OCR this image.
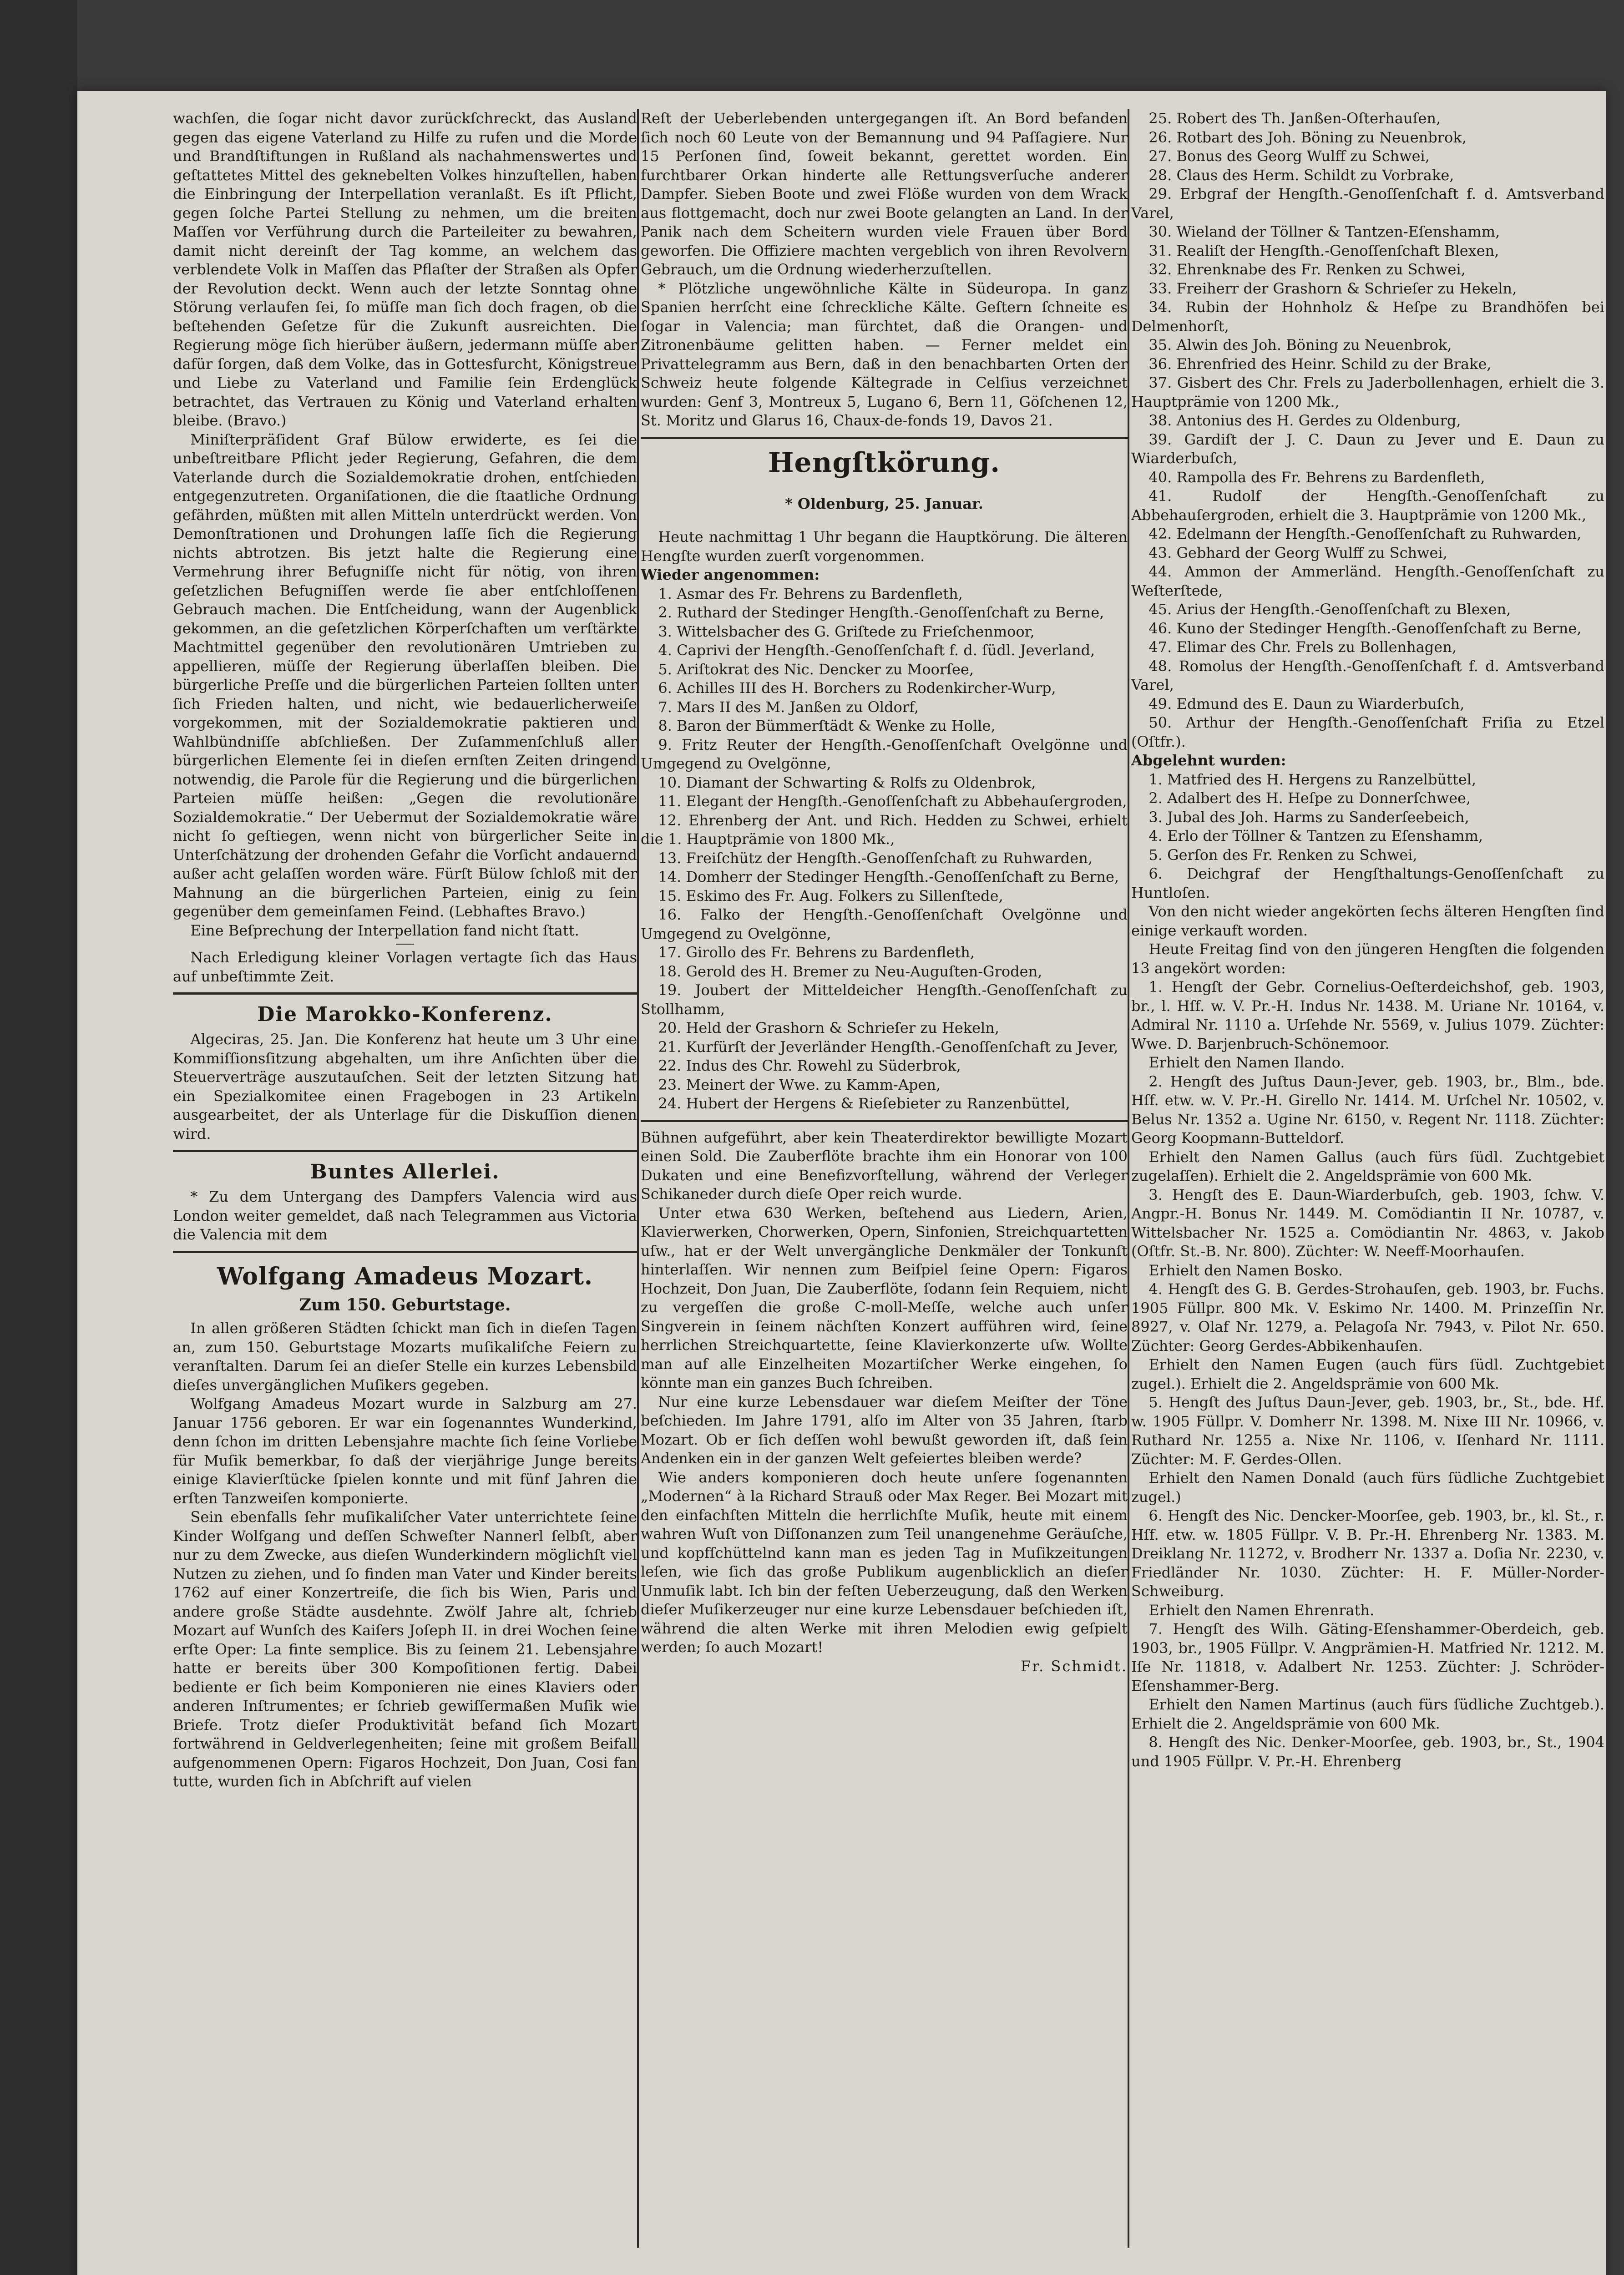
wachſen, die ſogar nicht davor zurückſchreckt, das Ausland gegen das eigene Vaterland zu Hilfe zu rufen und die Morde und Brandſtiftungen in Rußland als nachahmenswertes und geſtattetes Mittel des geknebelten Volkes hinzuſtellen, haben die Einbringung der Interpellation veranlaßt. Es iſt Pflicht, gegen ſolche Partei Stellung zu nehmen, um die breiten Maſſen vor Verführung durch die Parteileiter zu bewahren, damit nicht dereinſt der Tag komme, an welchem das verblendete Volk in Maſſen das Pflaſter der Straßen als Opfer der Revolution deckt. Wenn auch der letzte Sonntag ohne Störung verlaufen ſei, ſo müſſe man ſich doch fragen, ob die beſtehenden Geſetze für die Zukunft ausreichten. Die Regierung möge ſich hierüber äußern, jedermann müſſe aber dafür ſorgen, daß dem Volke, das in Gottesfurcht, Königstreue und Liebe zu Vaterland und Familie ſein Erdenglück betrachtet, das Vertrauen zu König und Vaterland erhalten bleibe. (Bravo.)

Miniſterpräſident Graf Bülow erwiderte, es ſei die unbeſtreitbare Pflicht jeder Regierung, Gefahren, die dem Vaterlande durch die Sozialdemokratie drohen, entſchieden entgegenzutreten. Organiſationen, die die ſtaatliche Ordnung gefährden, müßten mit allen Mitteln unterdrückt werden. Von Demonſtrationen und Drohungen laſſe ſich die Regierung nichts abtrotzen. Bis jetzt halte die Regierung eine Vermehrung ihrer Befugniſſe nicht für nötig, von ihren geſetzlichen Befugniſſen werde ſie aber entſchloſſenen Gebrauch machen. Die Entſcheidung, wann der Augenblick gekommen, an die geſetzlichen Körperſchaften um verſtärkte Machtmittel gegenüber den revolutionären Umtrieben zu appellieren, müſſe der Regierung überlaſſen bleiben. Die bürgerliche Preſſe und die bürgerlichen Parteien ſollten unter ſich Frieden halten, und nicht, wie bedauerlicherweiſe vorgekommen, mit der Sozialdemokratie paktieren und Wahlbündniſſe abſchließen. Der Zuſammenſchluß aller bürgerlichen Elemente ſei in dieſen ernſten Zeiten dringend notwendig, die Parole für die Regierung und die bürgerlichen Parteien müſſe heißen: „Gegen die revolutionäre Sozialdemokratie.“ Der Uebermut der Sozialdemokratie wäre nicht ſo geſtiegen, wenn nicht von bürgerlicher Seite in Unterſchätzung der drohenden Gefahr die Vorſicht andauernd außer acht gelaſſen worden wäre. Fürſt Bülow ſchloß mit der Mahnung an die bürgerlichen Parteien, einig zu ſein gegenüber dem gemeinſamen Feind. (Lebhaftes Bravo.)

Eine Beſprechung der Interpellation fand nicht ſtatt.

Nach Erledigung kleiner Vorlagen vertagte ſich das Haus auf unbeſtimmte Zeit.

Die Marokko-Konferenz.

Algeciras, 25. Jan. Die Konferenz hat heute um 3 Uhr eine Kommiſſionsſitzung abgehalten, um ihre Anſichten über die Steuerverträge auszutauſchen. Seit der letzten Sitzung hat ein Spezialkomitee einen Fragebogen in 23 Artikeln ausgearbeitet, der als Unterlage für die Diskuſſion dienen wird.

Buntes Allerlei.

* Zu dem Untergang des Dampfers Valencia wird aus London weiter gemeldet, daß nach Telegrammen aus Victoria die Valencia mit dem

Wolfgang Amadeus Mozart.
Zum 150. Geburtstage.

In allen größeren Städten ſchickt man ſich in dieſen Tagen an, zum 150. Geburtstage Mozarts muſikaliſche Feiern zu veranſtalten. Darum ſei an dieſer Stelle ein kurzes Lebensbild dieſes unvergänglichen Muſikers gegeben.

Wolfgang Amadeus Mozart wurde in Salzburg am 27. Januar 1756 geboren. Er war ein ſogenanntes Wunderkind, denn ſchon im dritten Lebensjahre machte ſich ſeine Vorliebe für Muſik bemerkbar, ſo daß der vierjährige Junge bereits einige Klavierſtücke ſpielen konnte und mit fünf Jahren die erſten Tanzweiſen komponierte.

Sein ebenfalls ſehr muſikaliſcher Vater unterrichtete ſeine Kinder Wolfgang und deſſen Schweſter Nannerl ſelbſt, aber nur zu dem Zwecke, aus dieſen Wunderkindern möglichſt viel Nutzen zu ziehen, und ſo finden man Vater und Kinder bereits 1762 auf einer Konzertreiſe, die ſich bis Wien, Paris und andere große Städte ausdehnte. Zwölf Jahre alt, ſchrieb Mozart auf Wunſch des Kaiſers Joſeph II. in drei Wochen ſeine erſte Oper: La finte semplice. Bis zu ſeinem 21. Lebensjahre hatte er bereits über 300 Kompoſitionen fertig. Dabei bediente er ſich beim Komponieren nie eines Klaviers oder anderen Inſtrumentes; er ſchrieb gewiſſermaßen Muſik wie Briefe. Trotz dieſer Produktivität befand ſich Mozart fortwährend in Geldverlegenheiten; ſeine mit großem Beifall aufgenommenen Opern: Figaros Hochzeit, Don Juan, Cosi fan tutte, wurden ſich in Abſchrift auf vielen

Reſt der Ueberlebenden untergegangen iſt. An Bord befanden ſich noch 60 Leute von der Bemannung und 94 Paſſagiere. Nur 15 Perſonen ſind, ſoweit bekannt, gerettet worden. Ein furchtbarer Orkan hinderte alle Rettungsverſuche anderer Dampfer. Sieben Boote und zwei Flöße wurden von dem Wrack aus flottgemacht, doch nur zwei Boote gelangten an Land. In der Panik nach dem Scheitern wurden viele Frauen über Bord geworfen. Die Offiziere machten vergeblich von ihren Revolvern Gebrauch, um die Ordnung wiederherzuſtellen.

* Plötzliche ungewöhnliche Kälte in Südeuropa. In ganz Spanien herrſcht eine ſchreckliche Kälte. Geſtern ſchneite es ſogar in Valencia; man fürchtet, daß die Orangen- und Zitronenbäume gelitten haben. — Ferner meldet ein Privattelegramm aus Bern, daß in den benachbarten Orten der Schweiz heute folgende Kältegrade in Celſius verzeichnet wurden: Genf 3, Montreux 5, Lugano 6, Bern 11, Göſchenen 12, St. Moritz und Glarus 16, Chaux-de-fonds 19, Davos 21.

Hengſtkörung.

* Oldenburg, 25. Januar.

Heute nachmittag 1 Uhr begann die Hauptkörung. Die älteren Hengſte wurden zuerſt vorgenommen.

Wieder angenommen:

1. Asmar des Fr. Behrens zu Bardenfleth,
2. Ruthard der Stedinger Hengſth.-Genoſſenſchaft zu Berne,
3. Wittelsbacher des G. Griſtede zu Frieſchenmoor,
4. Caprivi der Hengſth.-Genoſſenſchaft f. d. ſüdl. Jeverland,
5. Ariſtokrat des Nic. Dencker zu Moorſee,
6. Achilles III des H. Borchers zu Rodenkircher-Wurp,
7. Mars II des M. Janßen zu Oldorf,
8. Baron der Bümmerſtädt & Wenke zu Holle,
9. Fritz Reuter der Hengſth.-Genoſſenſchaft Ovelgönne und Umgegend zu Ovelgönne,
10. Diamant der Schwarting & Rolfs zu Oldenbrok,
11. Elegant der Hengſth.-Genoſſenſchaft zu Abbehauſergroden,
12. Ehrenberg der Ant. und Rich. Hedden zu Schwei, erhielt die 1. Hauptprämie von 1800 Mk.,
13. Freiſchütz der Hengſth.-Genoſſenſchaft zu Ruhwarden,
14. Domherr der Stedinger Hengſth.-Genoſſenſchaft zu Berne,
15. Eskimo des Fr. Aug. Folkers zu Sillenſtede,
16. Falko der Hengſth.-Genoſſenſchaft Ovelgönne und Umgegend zu Ovelgönne,
17. Girollo des Fr. Behrens zu Bardenfleth,
18. Gerold des H. Bremer zu Neu-Auguſten-Groden,
19. Joubert der Mitteldeicher Hengſth.-Genoſſenſchaft zu Stollhamm,
20. Held der Grashorn & Schrieſer zu Hekeln,
21. Kurfürſt der Jeverländer Hengſth.-Genoſſenſchaft zu Jever,
22. Indus des Chr. Rowehl zu Süderbrok,
23. Meinert der Wwe. zu Kamm-Apen,
24. Hubert der Hergens & Rieſebieter zu Ranzenbüttel,

Bühnen aufgeführt, aber kein Theaterdirektor bewilligte Mozart einen Sold. Die Zauberflöte brachte ihm ein Honorar von 100 Dukaten und eine Benefizvorſtellung, während der Verleger Schikaneder durch dieſe Oper reich wurde.

Unter etwa 630 Werken, beſtehend aus Liedern, Arien, Klavierwerken, Chorwerken, Opern, Sinfonien, Streichquartetten uſw., hat er der Welt unvergängliche Denkmäler der Tonkunſt hinterlaſſen. Wir nennen zum Beiſpiel ſeine Opern: Figaros Hochzeit, Don Juan, Die Zauberflöte, ſodann ſein Requiem, nicht zu vergeſſen die große C-moll-Meſſe, welche auch unſer Singverein in ſeinem nächſten Konzert aufführen wird, ſeine herrlichen Streichquartette, ſeine Klavierkonzerte uſw. Wollte man auf alle Einzelheiten Mozartiſcher Werke eingehen, ſo könnte man ein ganzes Buch ſchreiben.

Nur eine kurze Lebensdauer war dieſem Meiſter der Töne beſchieden. Im Jahre 1791, alſo im Alter von 35 Jahren, ſtarb Mozart. Ob er ſich deſſen wohl bewußt geworden iſt, daß ſein Andenken ein in der ganzen Welt gefeiertes bleiben werde?

Wie anders komponieren doch heute unſere ſogenannten „Modernen“ à la Richard Strauß oder Max Reger. Bei Mozart mit den einfachſten Mitteln die herrlichſte Muſik, heute mit einem wahren Wuſt von Diſſonanzen zum Teil unangenehme Geräuſche, und kopfſchüttelnd kann man es jeden Tag in Muſikzeitungen leſen, wie ſich das große Publikum augenblicklich an dieſer Unmuſik labt. Ich bin der feſten Ueberzeugung, daß den Werken dieſer Muſikerzeuger nur eine kurze Lebensdauer beſchieden iſt, während die alten Werke mit ihren Melodien ewig geſpielt werden; ſo auch Mozart!

Fr. Schmidt.

25. Robert des Th. Janßen-Oſterhauſen,
26. Rotbart des Joh. Böning zu Neuenbrok,
27. Bonus des Georg Wulff zu Schwei,
28. Claus des Herm. Schildt zu Vorbrake,
29. Erbgraf der Hengſth.-Genoſſenſchaft f. d. Amtsverband Varel,
30. Wieland der Töllner & Tantzen-Eſenshamm,
31. Realiſt der Hengſth.-Genoſſenſchaft Blexen,
32. Ehrenknabe des Fr. Renken zu Schwei,
33. Freiherr der Grashorn & Schrieſer zu Hekeln,
34. Rubin der Hohnholz & Heſpe zu Brandhöfen bei Delmenhorſt,
35. Alwin des Joh. Böning zu Neuenbrok,
36. Ehrenfried des Heinr. Schild zu der Brake,
37. Gisbert des Chr. Frels zu Jaderbollenhagen, erhielt die 3. Hauptprämie von 1200 Mk.,
38. Antonius des H. Gerdes zu Oldenburg,
39. Gardiſt der J. C. Daun zu Jever und E. Daun zu Wiarderbuſch,
40. Rampolla des Fr. Behrens zu Bardenfleth,
41. Rudolf der Hengſth.-Genoſſenſchaft zu Abbehauſergroden, erhielt die 3. Hauptprämie von 1200 Mk.,
42. Edelmann der Hengſth.-Genoſſenſchaft zu Ruhwarden,
43. Gebhard der Georg Wulff zu Schwei,
44. Ammon der Ammerländ. Hengſth.-Genoſſenſchaft zu Weſterſtede,
45. Arius der Hengſth.-Genoſſenſchaft zu Blexen,
46. Kuno der Stedinger Hengſth.-Genoſſenſchaft zu Berne,
47. Elimar des Chr. Frels zu Bollenhagen,
48. Romolus der Hengſth.-Genoſſenſchaft f. d. Amtsverband Varel,
49. Edmund des E. Daun zu Wiarderbuſch,
50. Arthur der Hengſth.-Genoſſenſchaft Friſia zu Etzel (Oſtfr.).

Abgelehnt wurden:

1. Matfried des H. Hergens zu Ranzelbüttel,
2. Adalbert des H. Heſpe zu Donnerſchwee,
3. Jubal des Joh. Harms zu Sanderſeebeich,
4. Erlo der Töllner & Tantzen zu Eſenshamm,
5. Gerſon des Fr. Renken zu Schwei,
6. Deichgraf der Hengſthaltungs-Genoſſenſchaft zu Huntloſen.

Von den nicht wieder angekörten ſechs älteren Hengſten ſind einige verkauft worden.

Heute Freitag ſind von den jüngeren Hengſten die folgenden 13 angekört worden:

1. Hengſt der Gebr. Cornelius-Oeſterdeichshof, geb. 1903, br., l. Hſf. w. V. Pr.-H. Indus Nr. 1438. M. Uriane Nr. 10164, v. Admiral Nr. 1110 a. Urſehde Nr. 5569, v. Julius 1079. Züchter: Wwe. D. Barjenbruch-Schönemoor.

Erhielt den Namen Ilando.

2. Hengſt des Juſtus Daun-Jever, geb. 1903, br., Blm., bde. Hſf. etw. w. V. Pr.-H. Girello Nr. 1414. M. Urſchel Nr. 10502, v. Belus Nr. 1352 a. Ugine Nr. 6150, v. Regent Nr. 1118. Züchter: Georg Koopmann-Butteldorf.

Erhielt den Namen Gallus (auch fürs ſüdl. Zuchtgebiet zugelaſſen). Erhielt die 2. Angeldsprämie von 600 Mk.

3. Hengſt des E. Daun-Wiarderbuſch, geb. 1903, ſchw. V. Angpr.-H. Bonus Nr. 1449. M. Comödiantin II Nr. 10787, v. Wittelsbacher Nr. 1525 a. Comödiantin Nr. 4863, v. Jakob (Oſtfr. St.-B. Nr. 800). Züchter: W. Neeff-Moorhauſen.

Erhielt den Namen Bosko.

4. Hengſt des G. B. Gerdes-Strohauſen, geb. 1903, br. Fuchs. 1905 Füllpr. 800 Mk. V. Eskimo Nr. 1400. M. Prinzeſſin Nr. 8927, v. Olaf Nr. 1279, a. Pelagoſa Nr. 7943, v. Pilot Nr. 650. Züchter: Georg Gerdes-Abbikenhauſen.

Erhielt den Namen Eugen (auch fürs ſüdl. Zuchtgebiet zugel.). Erhielt die 2. Angeldsprämie von 600 Mk.

5. Hengſt des Juſtus Daun-Jever, geb. 1903, br., St., bde. Hf. w. 1905 Füllpr. V. Domherr Nr. 1398. M. Nixe III Nr. 10966, v. Ruthard Nr. 1255 a. Nixe Nr. 1106, v. Iſenhard Nr. 1111. Züchter: M. F. Gerdes-Ollen.

Erhielt den Namen Donald (auch fürs ſüdliche Zuchtgebiet zugel.)

6. Hengſt des Nic. Dencker-Moorſee, geb. 1903, br., kl. St., r. Hſf. etw. w. 1805 Füllpr. V. B. Pr.-H. Ehrenberg Nr. 1383. M. Dreiklang Nr. 11272, v. Brodherr Nr. 1337 a. Doſia Nr. 2230, v. Friedländer Nr. 1030. Züchter: H. F. Müller-Norder-Schweiburg.

Erhielt den Namen Ehrenrath.

7. Hengſt des Wilh. Gäting-Eſenshammer-Oberdeich, geb. 1903, br., 1905 Füllpr. V. Angprämien-H. Matfried Nr. 1212. M. Iſe Nr. 11818, v. Adalbert Nr. 1253. Züchter: J. Schröder-Eſenshammer-Berg.

Erhielt den Namen Martinus (auch fürs ſüdliche Zuchtgeb.). Erhielt die 2. Angeldsprämie von 600 Mk.

8. Hengſt des Nic. Denker-Moorſee, geb. 1903, br., St., 1904 und 1905 Füllpr. V. Pr.-H. Ehrenberg
